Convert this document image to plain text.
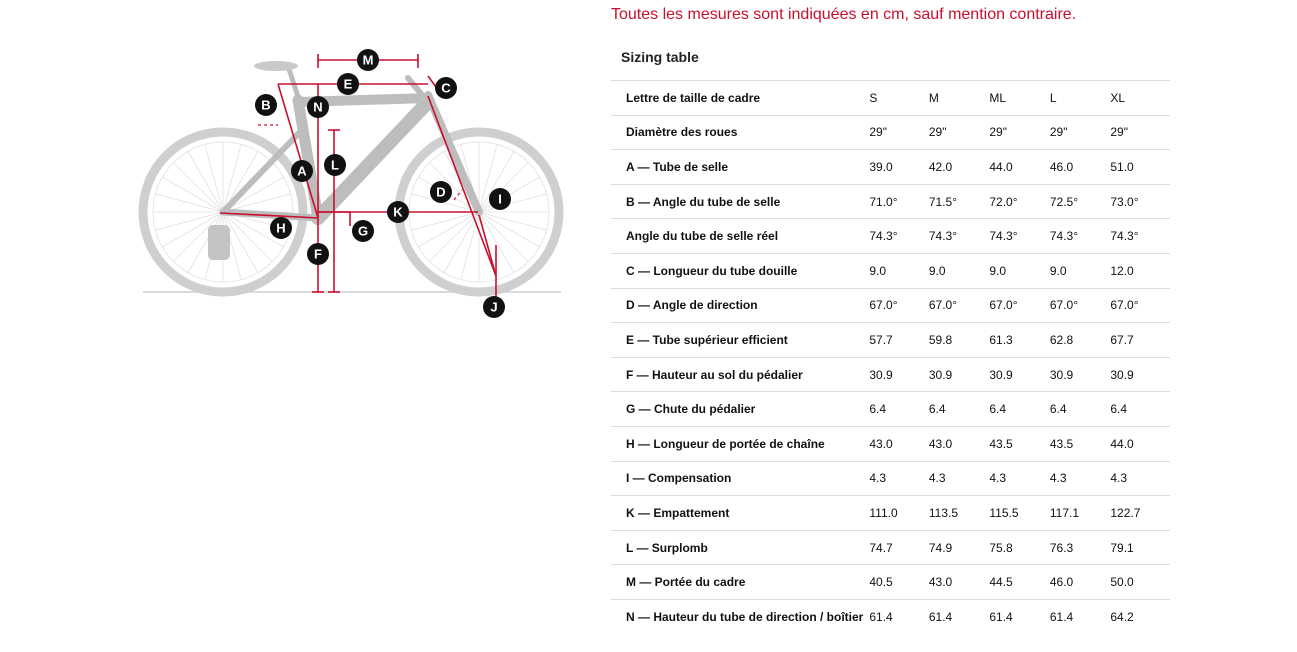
Toutes les mesures sont indiquées en cm, sauf mention contraire.
M
E	C
B	N
L
A
D	I
K
H	G
F
J
Sizing table
Lettre de taille de cadre	S	M	ML	L	XL
Diamètre des roues	29"	29"	29"	29"	29"
A — Tube de selle	39.0	42.0	44.0	46.0	51.0
B — Angle du tube de selle	71.0°	71.5°	72.0°	72.5°	73.0°
Angle du tube de selle réel	74.3°	74.3°	74.3°	74.3°	74.3°
C — Longueur du tube douille	9.0	9.0	9.0	9.0	12.0
D — Angle de direction	67.0°	67.0°	67.0°	67.0°	67.0°
E — Tube supérieur efficient	57.7	59.8	61.3	62.8	67.7
F — Hauteur au sol du pédalier	30.9	30.9	30.9	30.9	30.9
G — Chute du pédalier	6.4	6.4	6.4	6.4	6.4
H — Longueur de portée de chaîne	43.0	43.0	43.5	43.5	44.0
I — Compensation	4.3	4.3	4.3	4.3	4.3
K — Empattement	111.0	113.5	115.5	117.1	122.7
L — Surplomb	74.7	74.9	75.8	76.3	79.1
M — Portée du cadre	40.5	43.0	44.5	46.0	50.0
N — Hauteur du tube de direction / boîtier	61.4	61.4	61.4	61.4	64.2
